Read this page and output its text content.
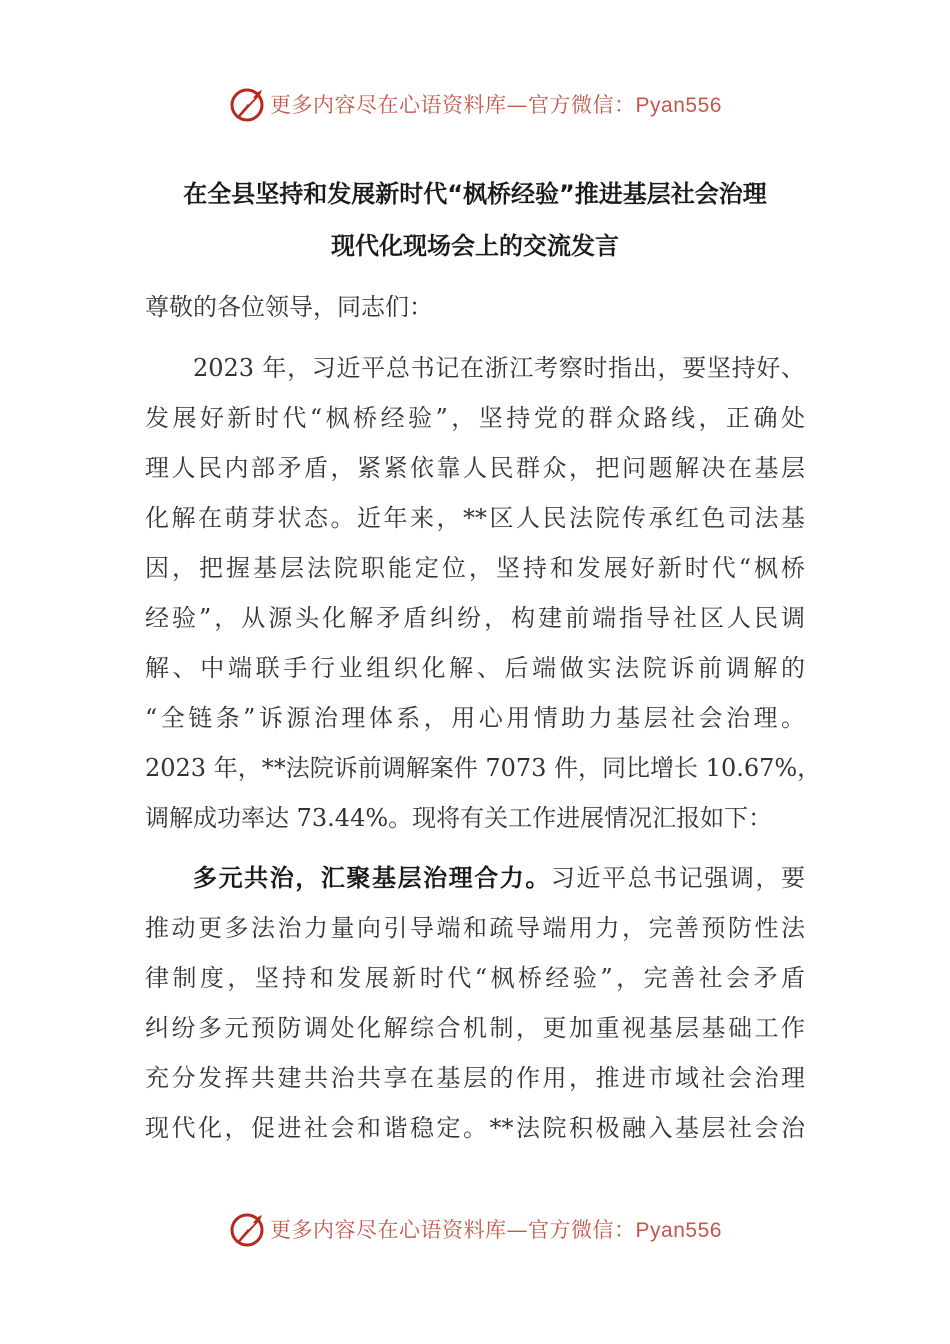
更多内容尽在心语资料库—官方微信：Pyan556
在全县坚持和发展新时代“枫桥经验”推进基层社会治理
现代化现场会上的交流发言
尊敬的各位领导，同志们：
2023 年，习近平总书记在浙江考察时指出，要坚持好、
发展好新时代“枫桥经验”，坚持党的群众路线，正确处
理人民内部矛盾，紧紧依靠人民群众，把问题解决在基层
化解在萌芽状态。近年来，**区人民法院传承红色司法基
因，把握基层法院职能定位，坚持和发展好新时代“枫桥
经验”，从源头化解矛盾纠纷，构建前端指导社区人民调
解、中端联手行业组织化解、后端做实法院诉前调解的
“全链条”诉源治理体系，用心用情助力基层社会治理。
2023 年，**法院诉前调解案件 7073 件，同比增长 10.67%，
调解成功率达 73.44%。现将有关工作进展情况汇报如下：
多元共治，汇聚基层治理合力。习近平总书记强调，要
推动更多法治力量向引导端和疏导端用力，完善预防性法
律制度，坚持和发展新时代“枫桥经验”，完善社会矛盾
纠纷多元预防调处化解综合机制，更加重视基层基础工作
充分发挥共建共治共享在基层的作用，推进市域社会治理
现代化，促进社会和谐稳定。**法院积极融入基层社会治
更多内容尽在心语资料库—官方微信：Pyan556
